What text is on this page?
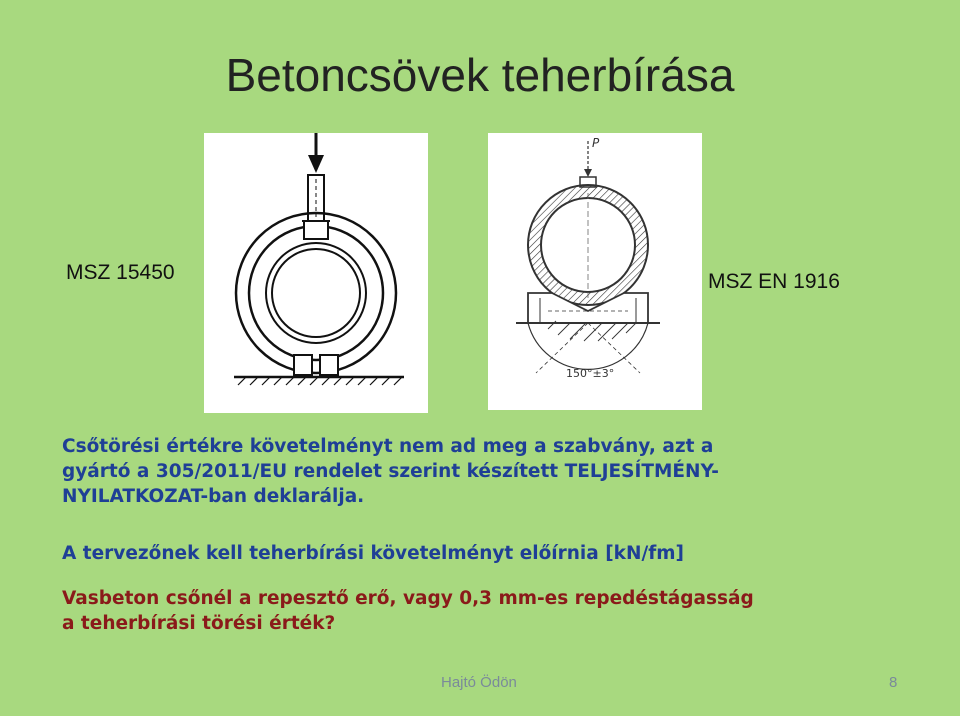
Betoncsövek teherbírása
MSZ 15450	MSZ EN 1916
P
150°±3°
Csőtörési értékre követelményt nem ad meg a szabvány, azt a
gyártó a 305/2011/EU rendelet szerint készített TELJESÍTMÉNY-
NYILATKOZAT-ban deklarálja.
A tervezőnek kell teherbírási követelményt előírnia [kN/fm]
Vasbeton csőnél a repesztő erő, vagy 0,3 mm-es repedéstágasság
a teherbírási törési érték?
Hajtó Ödön	8
